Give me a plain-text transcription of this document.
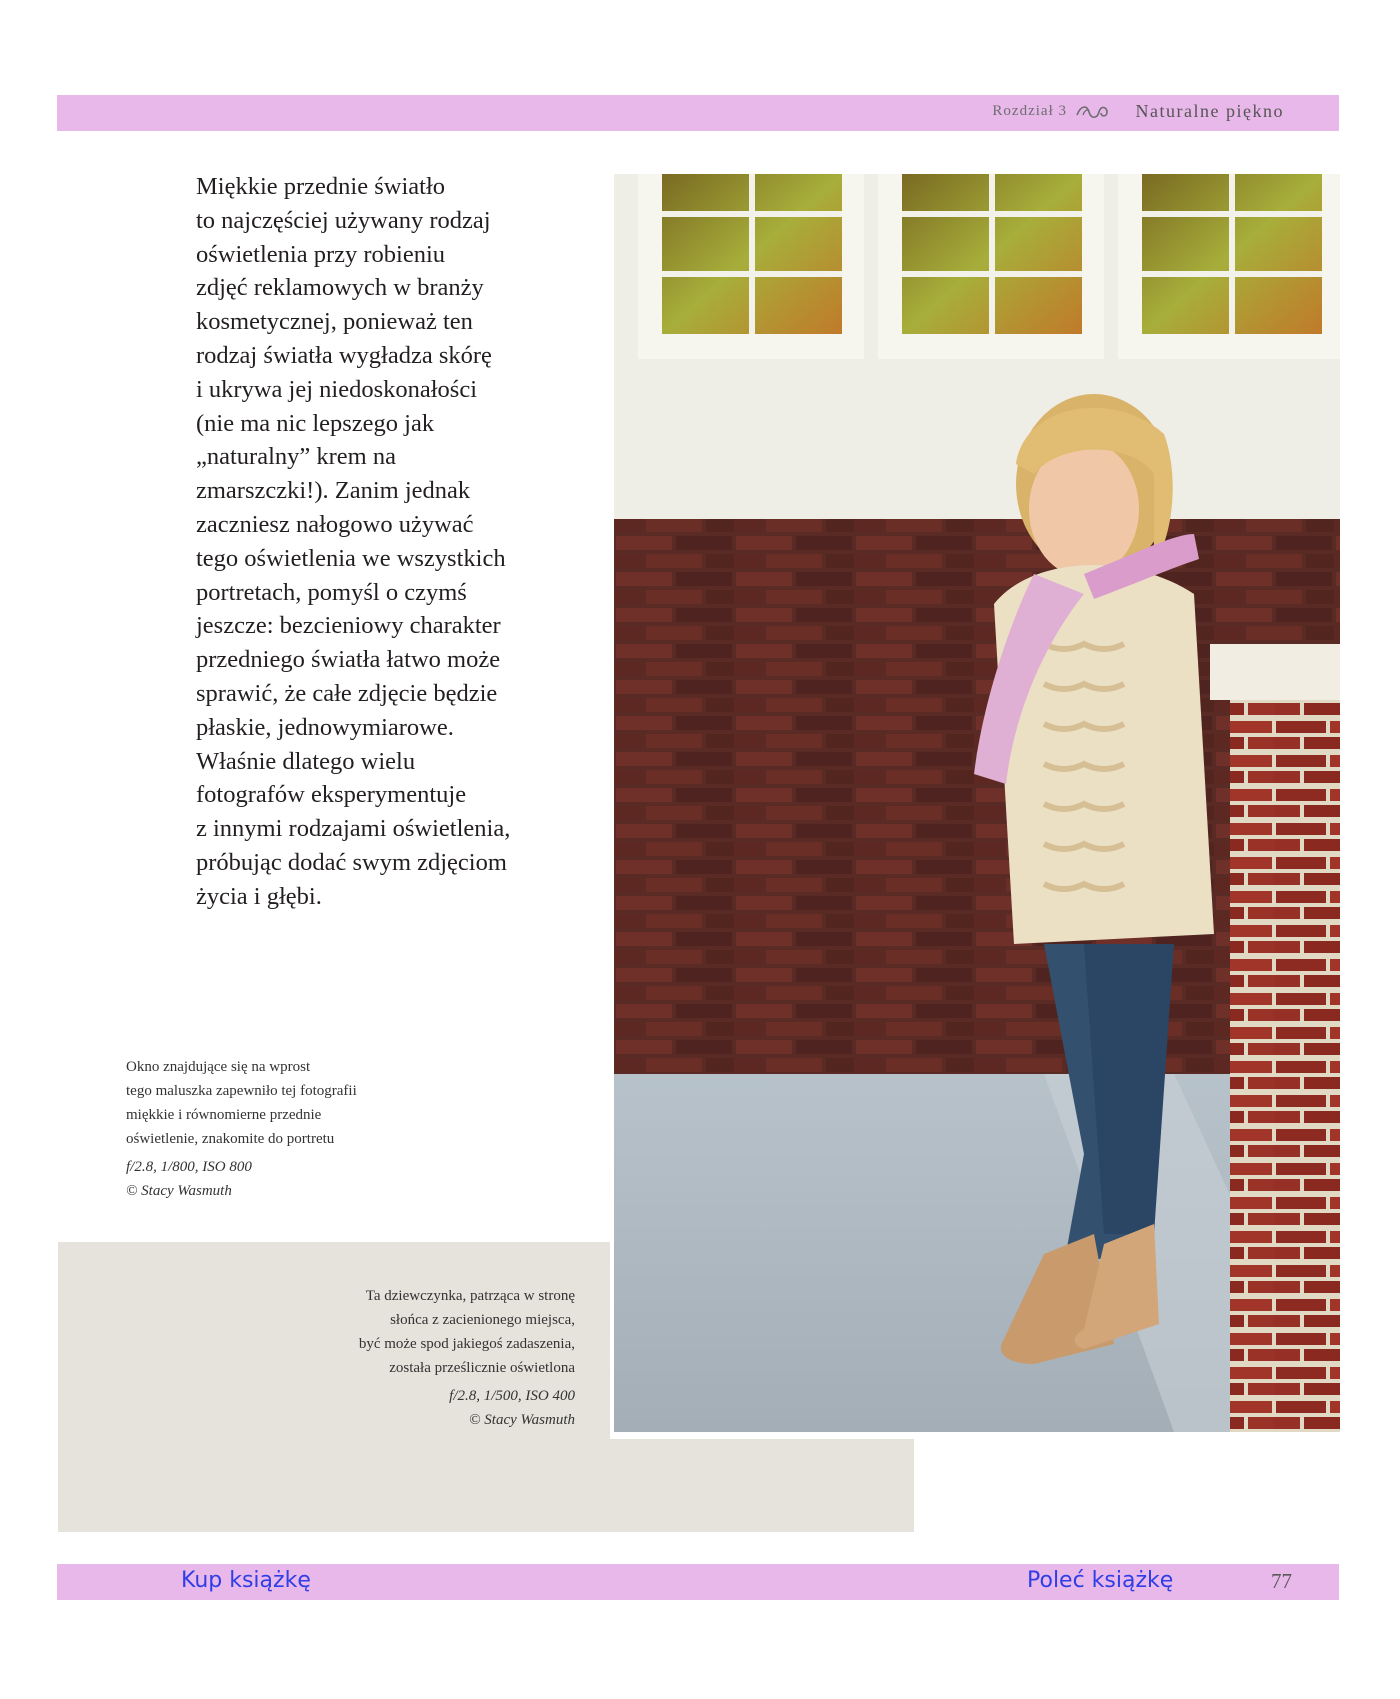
Rozdział 3	Naturalne piękno
Miękkie przednie światło
to najczęściej używany rodzaj
oświetlenia przy robieniu
zdjęć reklamowych w branży
kosmetycznej, ponieważ ten
rodzaj światła wygładza skórę
i ukrywa jej niedoskonałości
(nie ma nic lepszego jak
„naturalny” krem na
zmarszczki!). Zanim jednak
zaczniesz nałogowo używać
tego oświetlenia we wszystkich
portretach, pomyśl o czymś
jeszcze: bezcieniowy charakter
przedniego światła łatwo może
sprawić, że całe zdjęcie będzie
płaskie, jednowymiarowe.
Właśnie dlatego wielu
fotografów eksperymentuje
z innymi rodzajami oświetlenia,
próbując dodać swym zdjęciom
życia i głębi.
Okno znajdujące się na wprost
tego maluszka zapewniło tej fotografii
miękkie i równomierne przednie
oświetlenie, znakomite do portretu
f/2.8, 1/800, ISO 800
© Stacy Wasmuth
Ta dziewczynka, patrząca w stronę
słońca z zacienionego miejsca,
być może spod jakiegoś zadaszenia,
została prześlicznie oświetlona
f/2.8, 1/500, ISO 400
© Stacy Wasmuth
Kup książkę	Poleć książkę	77
